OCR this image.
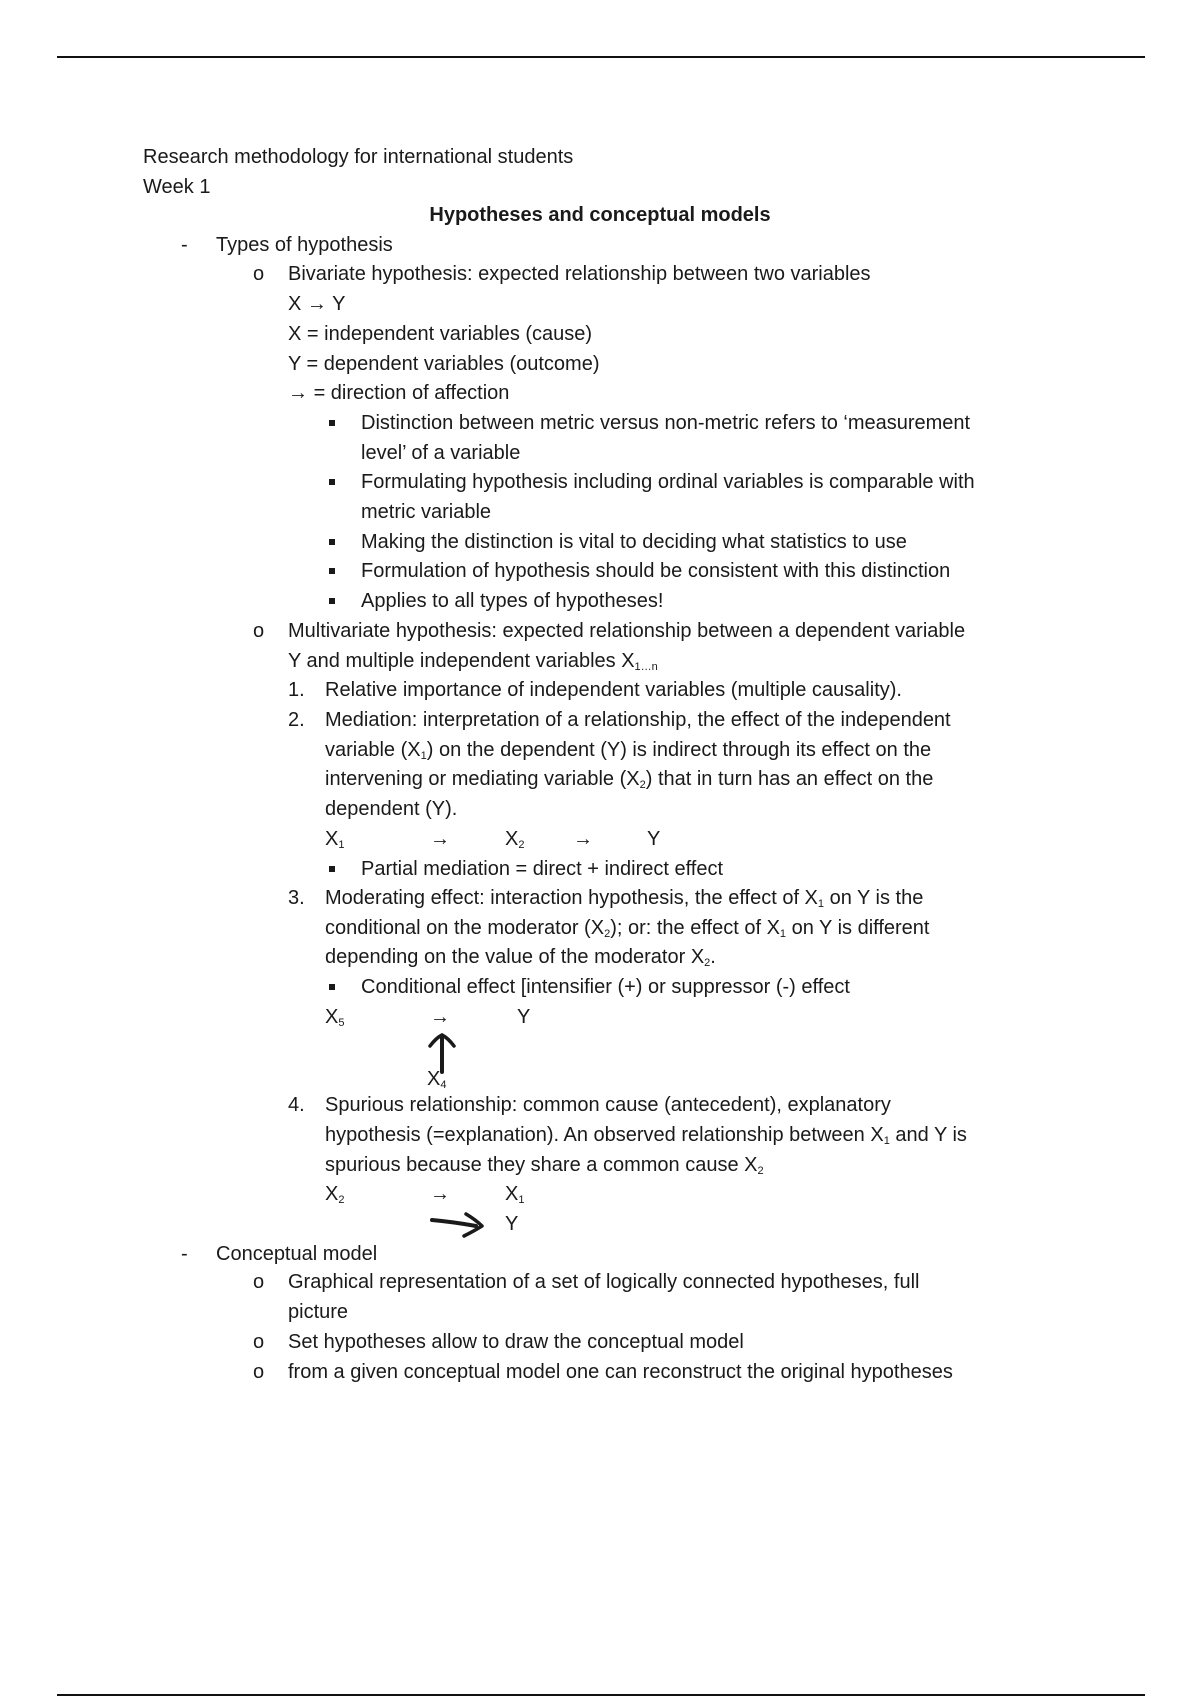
Research methodology for international students
Week 1
Hypotheses and conceptual models
- Types of hypothesis
o Bivariate hypothesis: expected relationship between two variables
X → Y
X = independent variables (cause)
Y = dependent variables (outcome)
→ = direction of affection
Distinction between metric versus non-metric refers to ‘measurement
level’ of a variable
Formulating hypothesis including ordinal variables is comparable with
metric variable
Making the distinction is vital to deciding what statistics to use
Formulation of hypothesis should be consistent with this distinction
Applies to all types of hypotheses!
o Multivariate hypothesis: expected relationship between a dependent variable
Y and multiple independent variables $X_{1\dots n}$
1. Relative importance of independent variables (multiple causality).
2. Mediation: interpretation of a relationship, the effect of the independent
variable $(X_1)$ on the dependent (Y) is indirect through its effect on the
intervening or mediating variable $(X_2)$ that in turn has an effect on the
dependent (Y).
$X_1$	→	$X_2$ →	Y
Partial mediation = direct + indirect effect
3. Moderating effect: interaction hypothesis, the effect of $X_1$ on Y is the
conditional on the moderator $(X_2)$; or: the effect of $X_1$ on Y is different
depending on the value of the moderator $X_2$.
Conditional effect [intensifier (+) or suppressor (-) effect
$X_5$	→	Y
$X_4$
4. Spurious relationship: common cause (antecedent), explanatory
hypothesis (=explanation). An observed relationship between $X_1$ and Y is
spurious because they share a common cause $X_2$
$X_2$	→	$X_1$
Y
- Conceptual model
o Graphical representation of a set of logically connected hypotheses, full
picture
o Set hypotheses allow to draw the conceptual model
o from a given conceptual model one can reconstruct the original hypotheses
